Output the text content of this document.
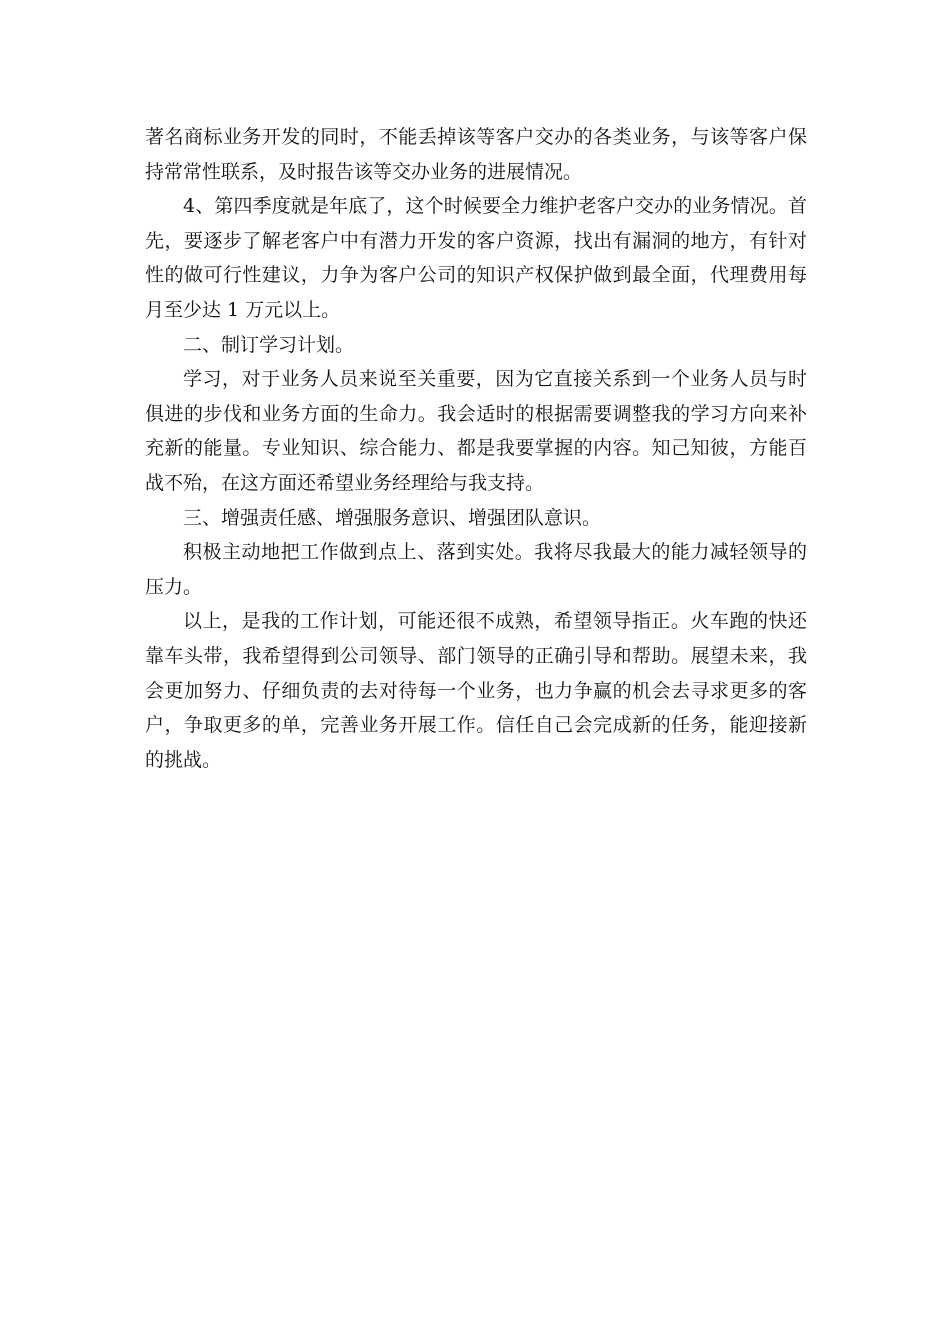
著名商标业务开发的同时，不能丢掉该等客户交办的各类业务，与该等客户保持常常性联系，及时报告该等交办业务的进展情况。

4、第四季度就是年底了，这个时候要全力维护老客户交办的业务情况。首先，要逐步了解老客户中有潜力开发的客户资源，找出有漏洞的地方，有针对性的做可行性建议，力争为客户公司的知识产权保护做到最全面，代理费用每月至少达 1 万元以上。

二、制订学习计划。

学习，对于业务人员来说至关重要，因为它直接关系到一个业务人员与时俱进的步伐和业务方面的生命力。我会适时的根据需要调整我的学习方向来补充新的能量。专业知识、综合能力、都是我要掌握的内容。知己知彼，方能百战不殆，在这方面还希望业务经理给与我支持。

三、增强责任感、增强服务意识、增强团队意识。

积极主动地把工作做到点上、落到实处。我将尽我最大的能力减轻领导的压力。

以上，是我的工作计划，可能还很不成熟，希望领导指正。火车跑的快还靠车头带，我希望得到公司领导、部门领导的正确引导和帮助。展望未来，我会更加努力、仔细负责的去对待每一个业务，也力争赢的机会去寻求更多的客户，争取更多的单，完善业务开展工作。信任自己会完成新的任务，能迎接新的挑战。
